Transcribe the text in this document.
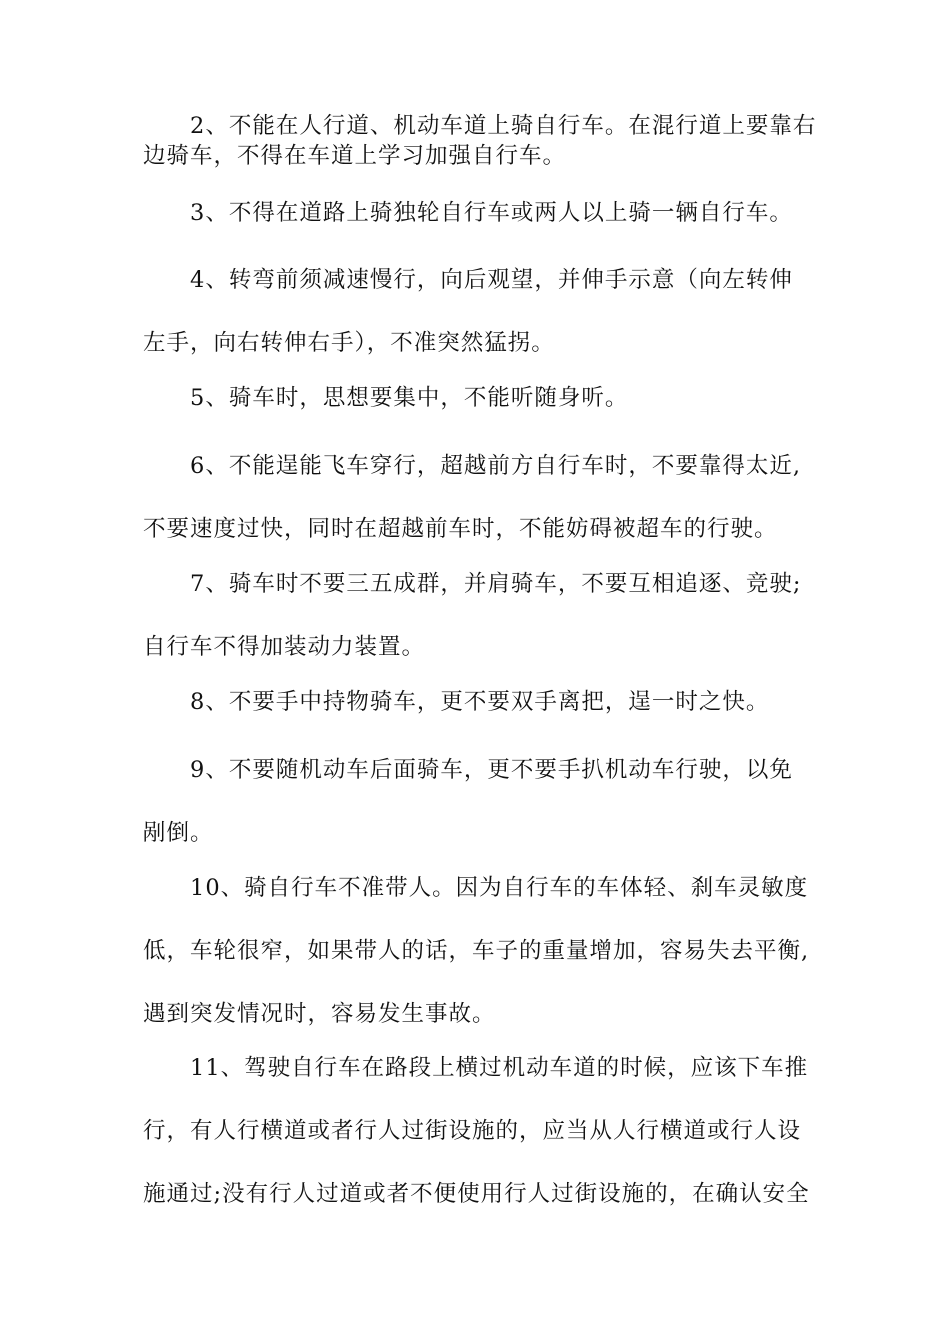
　　2、不能在人行道、机动车道上骑自行车。在混行道上要靠右
边骑车，不得在车道上学习加强自行车。
　　3、不得在道路上骑独轮自行车或两人以上骑一辆自行车。
　　4、转弯前须减速慢行，向后观望，并伸手示意（向左转伸
左手，向右转伸右手），不准突然猛拐。
　　5、骑车时，思想要集中，不能听随身听。
　　6、不能逞能飞车穿行，超越前方自行车时，不要靠得太近,
不要速度过快，同时在超越前车时，不能妨碍被超车的行驶。
　　7、骑车时不要三五成群，并肩骑车，不要互相追逐、竞驶;
自行车不得加装动力装置。
　　8、不要手中持物骑车，更不要双手离把，逞一时之快。
　　9、不要随机动车后面骑车，更不要手扒机动车行驶，以免
剐倒。
　　10、骑自行车不准带人。因为自行车的车体轻、刹车灵敏度
低，车轮很窄，如果带人的话，车子的重量增加，容易失去平衡,
遇到突发情况时，容易发生事故。
　　11、驾驶自行车在路段上横过机动车道的时候，应该下车推
行，有人行横道或者行人过街设施的，应当从人行横道或行人设
施通过;没有行人过道或者不便使用行人过街设施的，在确认安全
